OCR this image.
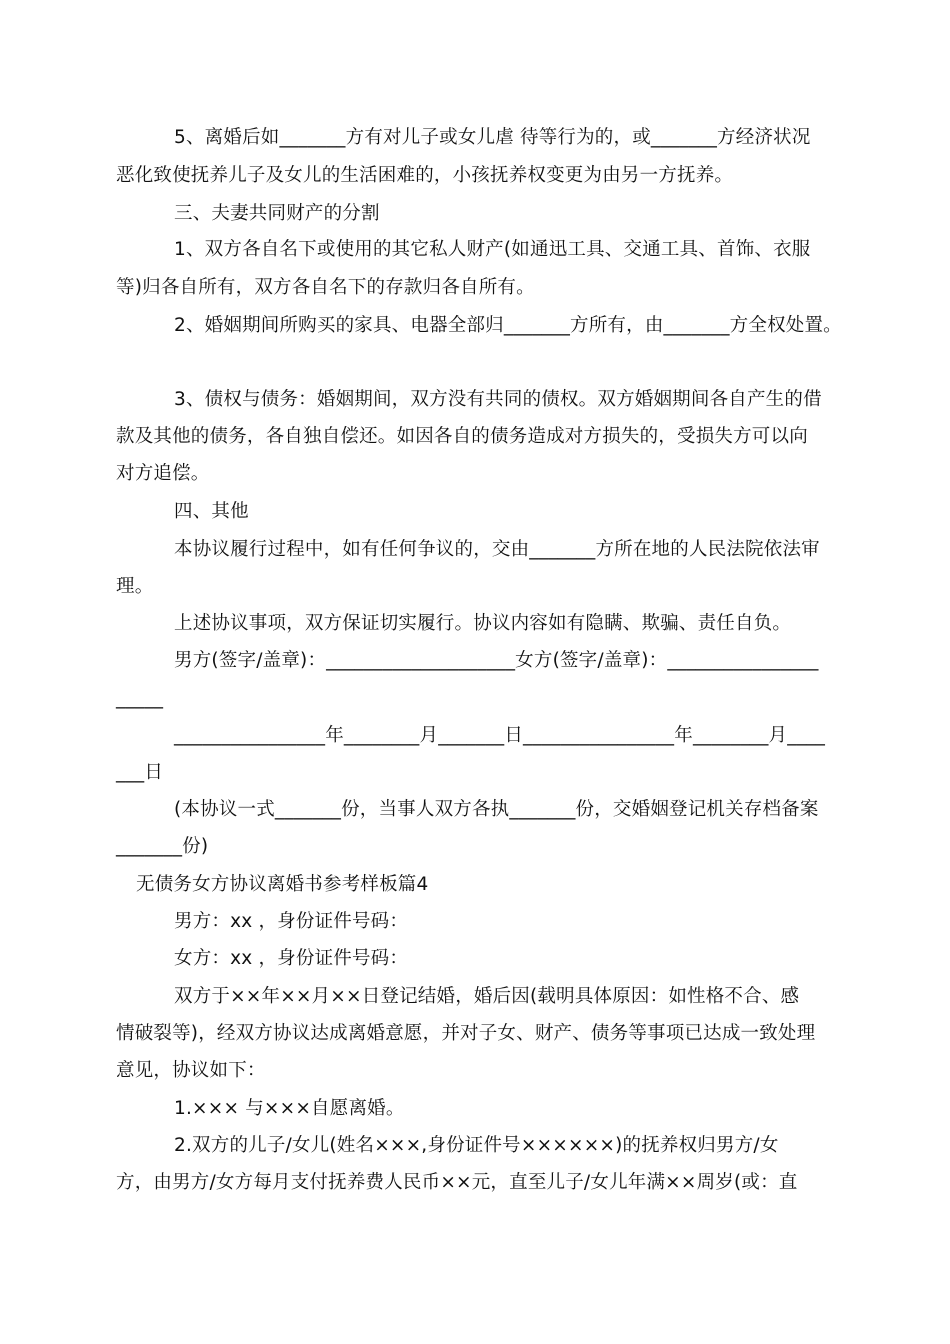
5、离婚后如_______方有对儿子或女儿虐 待等行为的，或_______方经济状况
恶化致使抚养儿子及女儿的生活困难的，小孩抚养权变更为由另一方抚养。
三、夫妻共同财产的分割
1、双方各自名下或使用的其它私人财产(如通迅工具、交通工具、首饰、衣服
等)归各自所有，双方各自名下的存款归各自所有。
2、婚姻期间所购买的家具、电器全部归_______方所有，由_______方全权处置。
3、债权与债务：婚姻期间，双方没有共同的债权。双方婚姻期间各自产生的借
款及其他的债务，各自独自偿还。如因各自的债务造成对方损失的，受损失方可以向
对方追偿。
四、其他
本协议履行过程中，如有任何争议的，交由_______方所在地的人民法院依法审
理。
上述协议事项，双方保证切实履行。协议内容如有隐瞒、欺骗、责任自负。
男方(签字/盖章)：____________________女方(签字/盖章)：________________
_____
________________年________月_______日________________年________月____
___日
(本协议一式_______份，当事人双方各执_______份，交婚姻登记机关存档备案
_______份)
无债务女方协议离婚书参考样板篇4
男方：xx ，身份证件号码：
女方：xx ，身份证件号码：
双方于××年××月××日登记结婚，婚后因(载明具体原因：如性格不合、感
情破裂等)，经双方协议达成离婚意愿，并对子女、财产、债务等事项已达成一致处理
意见，协议如下：
1.××× 与×××自愿离婚。
2.双方的儿子/女儿(姓名×××,身份证件号××××××)的抚养权归男方/女
方，由男方/女方每月支付抚养费人民币××元，直至儿子/女儿年满××周岁(或：直
